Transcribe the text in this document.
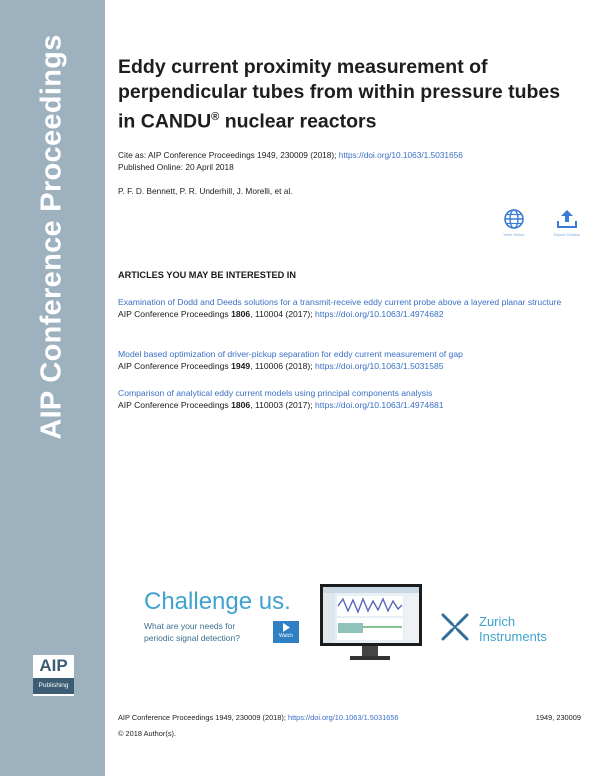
AIP Conference Proceedings
AIP
Publishing
Eddy current proximity measurement of perpendicular tubes from within pressure tubes in CANDU® nuclear reactors
Cite as: AIP Conference Proceedings 1949, 230009 (2018); https://doi.org/10.1063/1.5031656
Published Online: 20 April 2018
P. F. D. Bennett, P. R. Underhill, J. Morelli, et al.
View Online	Export Citation
ARTICLES YOU MAY BE INTERESTED IN
Examination of Dodd and Deeds solutions for a transmit-receive eddy current probe above a layered planar structure
AIP Conference Proceedings 1806, 110004 (2017); https://doi.org/10.1063/1.4974682
Model based optimization of driver-pickup separation for eddy current measurement of gap
AIP Conference Proceedings 1949, 110006 (2018); https://doi.org/10.1063/1.5031585
Comparison of analytical eddy current models using principal components analysis
AIP Conference Proceedings 1806, 110003 (2017); https://doi.org/10.1063/1.4974681
Challenge us.
What are your needs for
periodic signal detection?	Watch
Zurich
Instruments
AIP Conference Proceedings 1949, 230009 (2018); https://doi.org/10.1063/1.5031656	1949, 230009
© 2018 Author(s).
